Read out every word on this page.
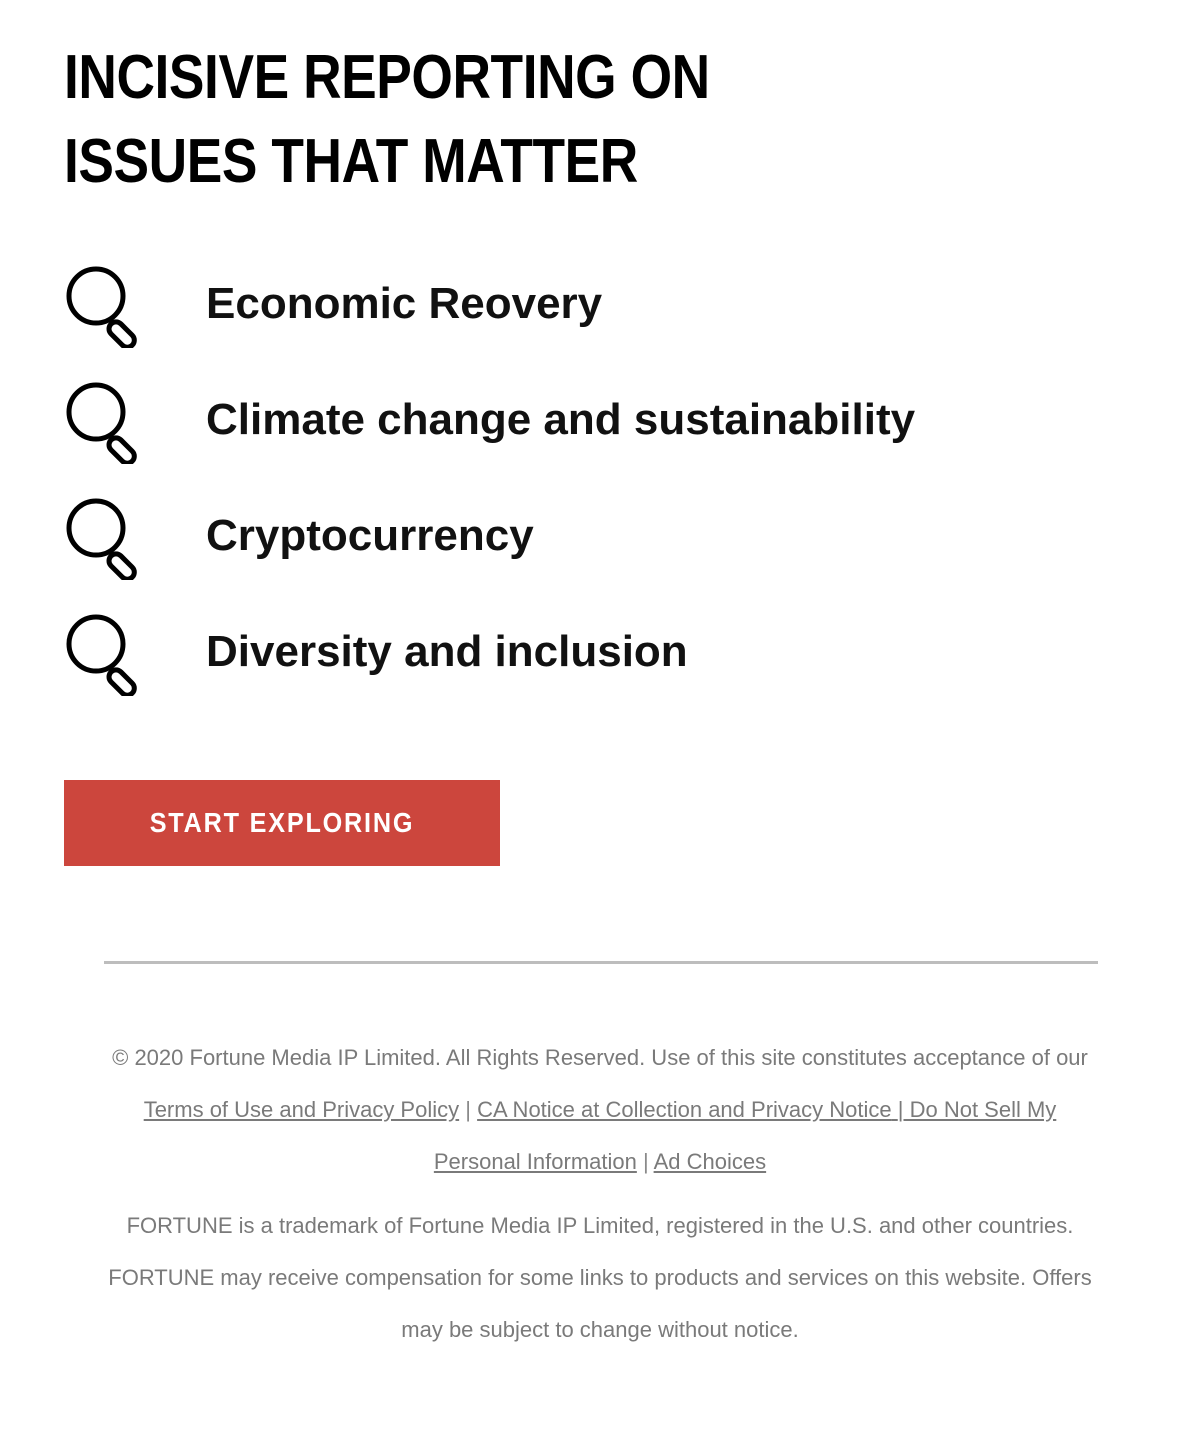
INCISIVE REPORTING ON
ISSUES THAT MATTER
Economic Reovery
Climate change and sustainability
Cryptocurrency
Diversity and inclusion
START EXPLORING

© 2020 Fortune Media IP Limited. All Rights Reserved. Use of this site constitutes acceptance of our Terms of Use and Privacy Policy | CA Notice at Collection and Privacy Notice | Do Not Sell My Personal Information | Ad Choices

FORTUNE is a trademark of Fortune Media IP Limited, registered in the U.S. and other countries. FORTUNE may receive compensation for some links to products and services on this website. Offers may be subject to change without notice.
